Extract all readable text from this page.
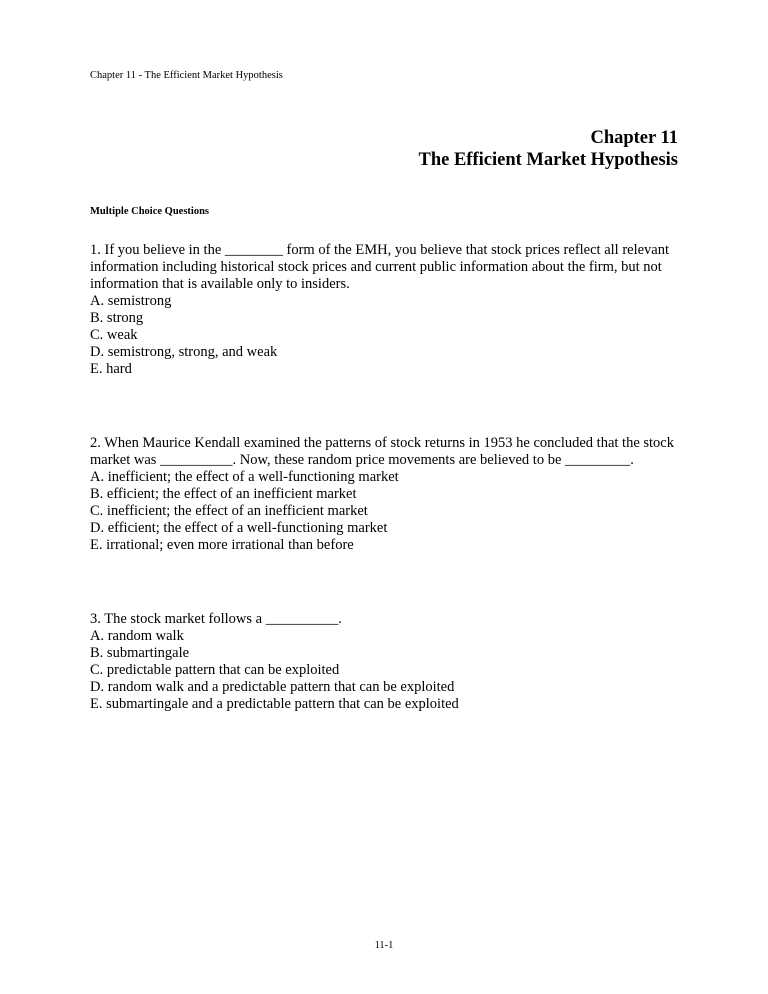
Chapter 11 - The Efficient Market Hypothesis
Chapter 11
The Efficient Market Hypothesis
Multiple Choice Questions

1. If you believe in the ________ form of the EMH, you believe that stock prices reflect all relevant information including historical stock prices and current public information about the firm, but not information that is available only to insiders.

A. semistrong
B. strong
C. weak
D. semistrong, strong, and weak
E. hard

2. When Maurice Kendall examined the patterns of stock returns in 1953 he concluded that the stock market was __________. Now, these random price movements are believed to be _________.

A. inefficient; the effect of a well-functioning market
B. efficient; the effect of an inefficient market
C. inefficient; the effect of an inefficient market
D. efficient; the effect of a well-functioning market
E. irrational; even more irrational than before

3. The stock market follows a __________.

A. random walk
B. submartingale
C. predictable pattern that can be exploited
D. random walk and a predictable pattern that can be exploited
E. submartingale and a predictable pattern that can be exploited
11-1
